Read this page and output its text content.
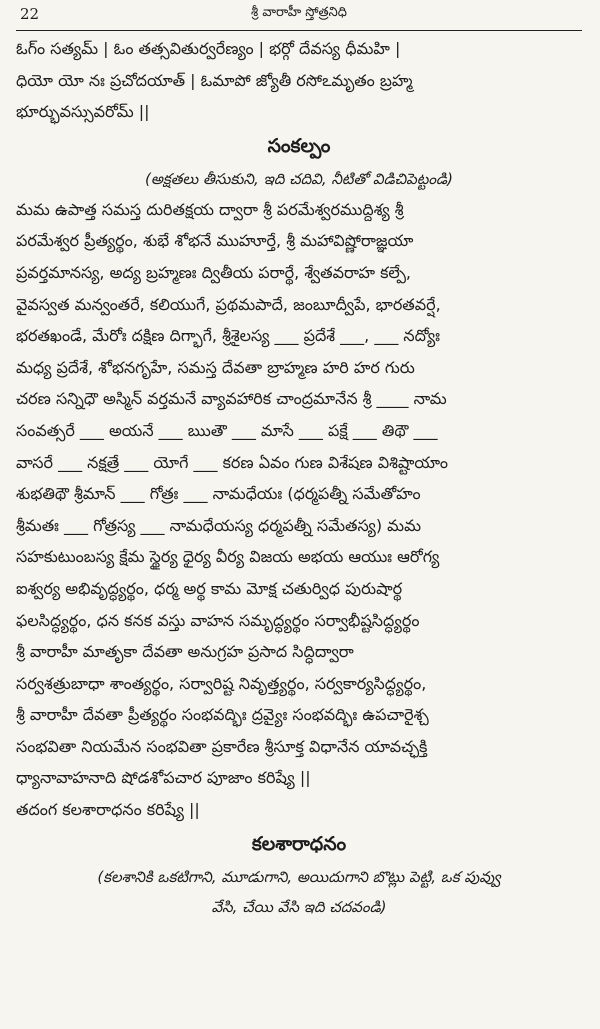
22	శ్రీ వారాహీ స్తోత్రనిధి
ఓగ్ం సత్యమ్ | ఓం తత్సవితుర్వరేణ్యం | భర్గో దేవస్య ధీమహి |
ధియో యో నః ప్రచోదయాత్ | ఓమాపో జ్యోతీ రసోఽమృతం బ్రహ్మ
భూర్భువస్సువరోమ్ ||
సంకల్పం
(అక్షతలు తీసుకుని, ఇది చదివి, నీటితో విడిచిపెట్టండి)
మమ ఉపాత్త సమస్త దురితక్షయ ద్వారా శ్రీ పరమేశ్వరముద్దిశ్య శ్రీ
పరమేశ్వర ప్రీత్యర్థం, శుభే శోభనే ముహూర్తే, శ్రీ మహావిష్ణోరాజ్ఞయా
ప్రవర్తమానస్య, అద్య బ్రహ్మణః ద్వితీయ పరార్థే, శ్వేతవరాహ కల్పే,
వైవస్వత మన్వంతరే, కలియుగే, ప్రథమపాదే, జంబూద్వీపే, భారతవర్షే,
భరతఖండే, మేరోః దక్షిణ దిగ్భాగే, శ్రీశైలస్య ___ ప్రదేశే ___, ___ నద్యోః
మధ్య ప్రదేశే, శోభనగృహే, సమస్త దేవతా బ్రాహ్మణ హరి హర గురు
చరణ సన్నిధౌ అస్మిన్ వర్తమనే వ్యావహారిక చాంద్రమానేన శ్రీ ____ నామ
సంవత్సరే ___ అయనే ___ ఋతౌ ___ మాసే ___ పక్షే ___ తిథౌ ___
వాసరే ___ నక్షత్రే ___ యోగే ___ కరణ ఏవం గుణ విశేషణ విశిష్టాయాం
శుభతిథౌ శ్రీమాన్ ___ గోత్రః ___ నామధేయః (ధర్మపత్నీ సమేతోహం
శ్రీమతః ___ గోత్రస్య ___ నామధేయస్య ధర్మపత్నీ సమేతస్య) మమ
సహకుటుంబస్య క్షేమ స్థైర్య ధైర్య వీర్య విజయ అభయ ఆయుః ఆరోగ్య
ఐశ్వర్య అభివృద్ధ్యర్థం, ధర్మ అర్థ కామ మోక్ష చతుర్విధ పురుషార్థ
ఫలసిద్ధ్యర్థం, ధన కనక వస్తు వాహన సమృద్ధ్యర్థం సర్వాభీష్టసిద్ధ్యర్థం
శ్రీ వారాహీ మాతృకా దేవతా అనుగ్రహ ప్రసాద సిద్ధిద్వారా
సర్వశత్రుబాధా శాంత్యర్థం, సర్వారిష్ట నివృత్త్యర్థం, సర్వకార్యసిద్ధ్యర్థం,
శ్రీ వారాహీ దేవతా ప్రీత్యర్థం సంభవద్భిః ద్రవ్యైః సంభవద్భిః ఉపచారైశ్చ
సంభవితా నియమేన సంభవితా ప్రకారేణ శ్రీసూక్త విధానేన యావచ్ఛక్తి
ధ్యానావాహనాది షోడశోపచార పూజాం కరిష్యే ||
తదంగ కలశారాధనం కరిష్యే ||
కలశారాధనం
(కలశానికి ఒకటిగాని, మూడుగాని, అయిదుగాని బొట్లు పెట్టి, ఒక పువ్వు
వేసి, చేయి వేసి ఇది చదవండి)
